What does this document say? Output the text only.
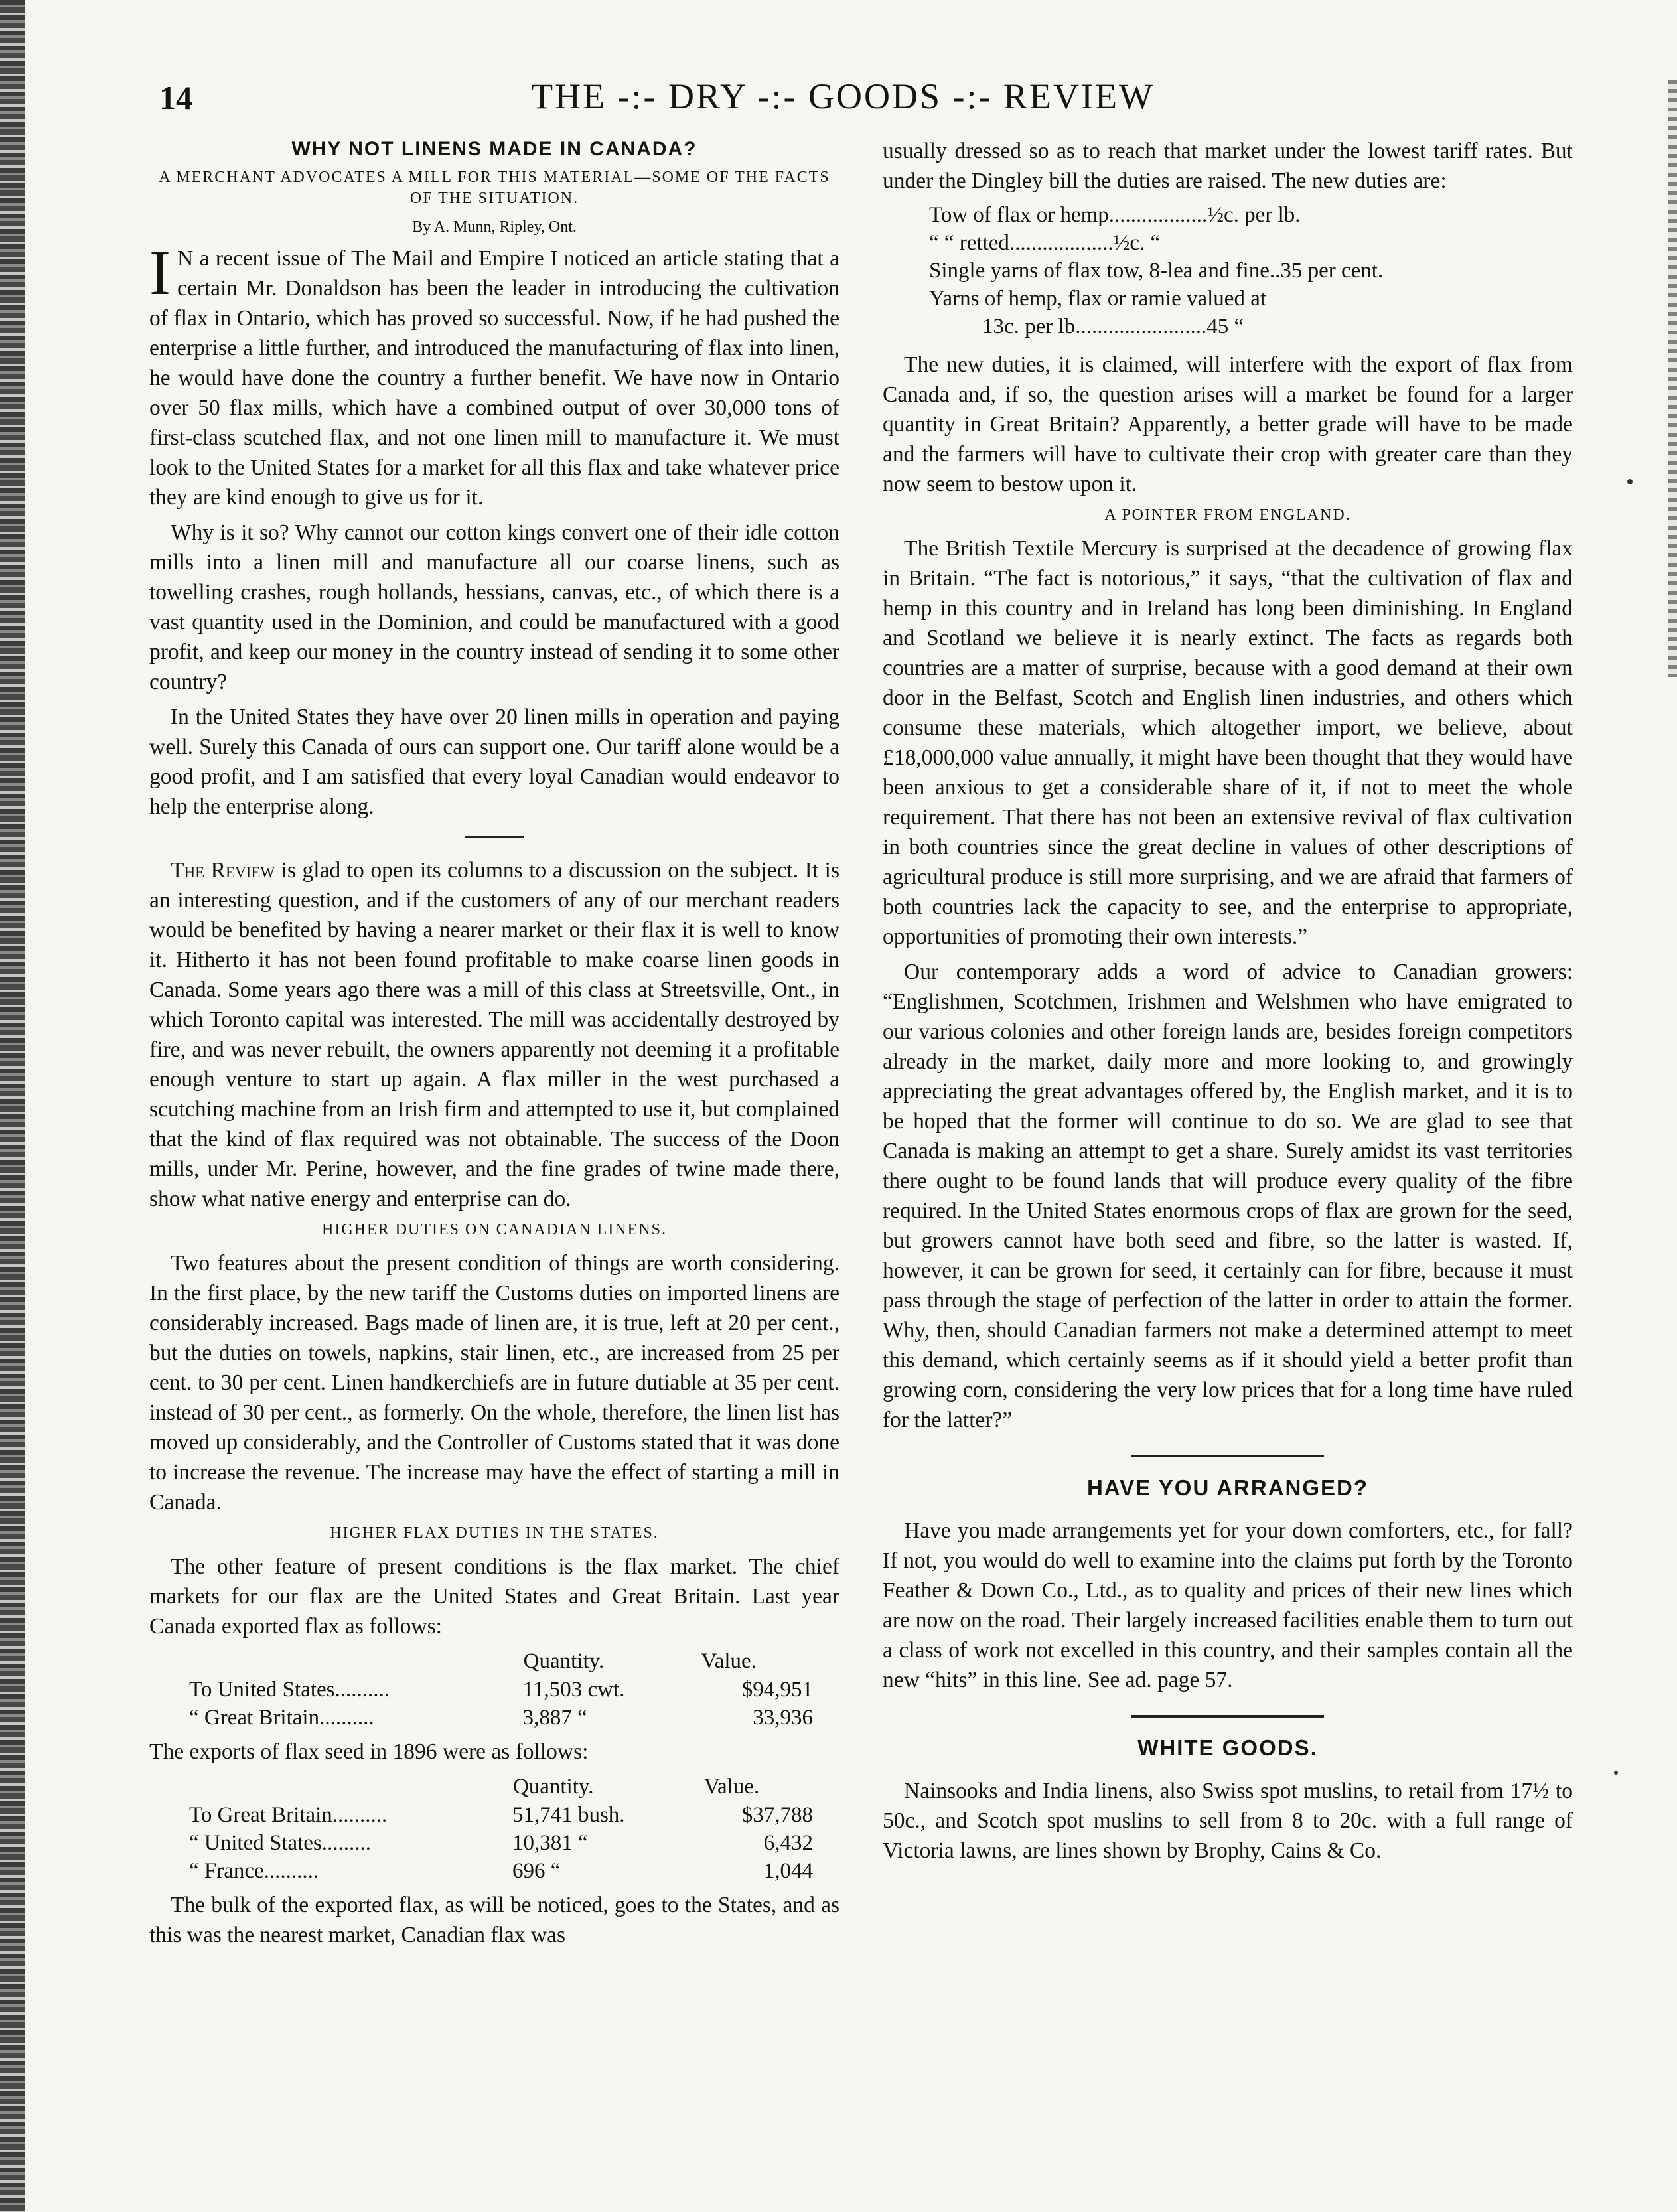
14	THE -:- DRY -:- GOODS -:- REVIEW
WHY NOT LINENS MADE IN CANADA?
A MERCHANT ADVOCATES A MILL FOR THIS MATERIAL—SOME OF THE FACTS OF THE SITUATION.
By A. Munn, Ripley, Ont.

I N a recent issue of The Mail and Empire I noticed an article stating that a certain Mr. Donaldson has been the leader in introducing the cultivation of flax in Ontario, which has proved so successful. Now, if he had pushed the enterprise a little further, and introduced the manufacturing of flax into linen, he would have done the country a further benefit. We have now in Ontario over 50 flax mills, which have a combined output of over 30,000 tons of first-class scutched flax, and not one linen mill to manufacture it. We must look to the United States for a market for all this flax and take whatever price they are kind enough to give us for it.

Why is it so? Why cannot our cotton kings convert one of their idle cotton mills into a linen mill and manufacture all our coarse linens, such as towelling crashes, rough hollands, hessians, canvas, etc., of which there is a vast quantity used in the Dominion, and could be manufactured with a good profit, and keep our money in the country instead of sending it to some other country?

In the United States they have over 20 linen mills in operation and paying well. Surely this Canada of ours can support one. Our tariff alone would be a good profit, and I am satisfied that every loyal Canadian would endeavor to help the enterprise along.

The Review is glad to open its columns to a discussion on the subject. It is an interesting question, and if the customers of any of our merchant readers would be benefited by having a nearer market or their flax it is well to know it. Hitherto it has not been found profitable to make coarse linen goods in Canada. Some years ago there was a mill of this class at Streetsville, Ont., in which Toronto capital was interested. The mill was accidentally destroyed by fire, and was never rebuilt, the owners apparently not deeming it a profitable enough venture to start up again. A flax miller in the west purchased a scutching machine from an Irish firm and attempted to use it, but complained that the kind of flax required was not obtainable. The success of the Doon mills, under Mr. Perine, however, and the fine grades of twine made there, show what native energy and enterprise can do.

HIGHER DUTIES ON CANADIAN LINENS.

Two features about the present condition of things are worth considering. In the first place, by the new tariff the Customs duties on imported linens are considerably increased. Bags made of linen are, it is true, left at 20 per cent., but the duties on towels, napkins, stair linen, etc., are increased from 25 per cent. to 30 per cent. Linen handkerchiefs are in future dutiable at 35 per cent. instead of 30 per cent., as formerly. On the whole, therefore, the linen list has moved up considerably, and the Controller of Customs stated that it was done to increase the revenue. The increase may have the effect of starting a mill in Canada.

HIGHER FLAX DUTIES IN THE STATES.

The other feature of present conditions is the flax market. The chief markets for our flax are the United States and Great Britain. Last year Canada exported flax as follows:

	Quantity.	Value.
To United States..........	11,503 cwt.	$94,951
“ Great Britain..........	3,887 “	33,936

The exports of flax seed in 1896 were as follows:

	Quantity.	Value.
To Great Britain..........	51,741 bush.	$37,788
“ United States.........	10,381 “	6,432
“ France..........	696 “	1,044

The bulk of the exported flax, as will be noticed, goes to the States, and as this was the nearest market, Canadian flax was

usually dressed so as to reach that market under the lowest tariff rates. But under the Dingley bill the duties are raised. The new duties are:

Tow of flax or hemp..................½c. per lb.
“ “ retted...................½c. “
Single yarns of flax tow, 8-lea and fine..35 per cent.
Yarns of hemp, flax or ramie valued at
13c. per lb........................45 “

The new duties, it is claimed, will interfere with the export of flax from Canada and, if so, the question arises will a market be found for a larger quantity in Great Britain? Apparently, a better grade will have to be made and the farmers will have to cultivate their crop with greater care than they now seem to bestow upon it.

A POINTER FROM ENGLAND.

The British Textile Mercury is surprised at the decadence of growing flax in Britain. “The fact is notorious,” it says, “that the cultivation of flax and hemp in this country and in Ireland has long been diminishing. In England and Scotland we believe it is nearly extinct. The facts as regards both countries are a matter of surprise, because with a good demand at their own door in the Belfast, Scotch and English linen industries, and others which consume these materials, which altogether import, we believe, about £18,000,000 value annually, it might have been thought that they would have been anxious to get a considerable share of it, if not to meet the whole requirement. That there has not been an extensive revival of flax cultivation in both countries since the great decline in values of other descriptions of agricultural produce is still more surprising, and we are afraid that farmers of both countries lack the capacity to see, and the enterprise to appropriate, opportunities of promoting their own interests.”

Our contemporary adds a word of advice to Canadian growers: “Englishmen, Scotchmen, Irishmen and Welshmen who have emigrated to our various colonies and other foreign lands are, besides foreign competitors already in the market, daily more and more looking to, and growingly appreciating the great advantages offered by, the English market, and it is to be hoped that the former will continue to do so. We are glad to see that Canada is making an attempt to get a share. Surely amidst its vast territories there ought to be found lands that will produce every quality of the fibre required. In the United States enormous crops of flax are grown for the seed, but growers cannot have both seed and fibre, so the latter is wasted. If, however, it can be grown for seed, it certainly can for fibre, because it must pass through the stage of perfection of the latter in order to attain the former. Why, then, should Canadian farmers not make a determined attempt to meet this demand, which certainly seems as if it should yield a better profit than growing corn, considering the very low prices that for a long time have ruled for the latter?”

HAVE YOU ARRANGED?

Have you made arrangements yet for your down comforters, etc., for fall? If not, you would do well to examine into the claims put forth by the Toronto Feather & Down Co., Ltd., as to quality and prices of their new lines which are now on the road. Their largely increased facilities enable them to turn out a class of work not excelled in this country, and their samples contain all the new “hits” in this line. See ad. page 57.

WHITE GOODS.

Nainsooks and India linens, also Swiss spot muslins, to retail from 17½ to 50c., and Scotch spot muslins to sell from 8 to 20c. with a full range of Victoria lawns, are lines shown by Brophy, Cains & Co.
